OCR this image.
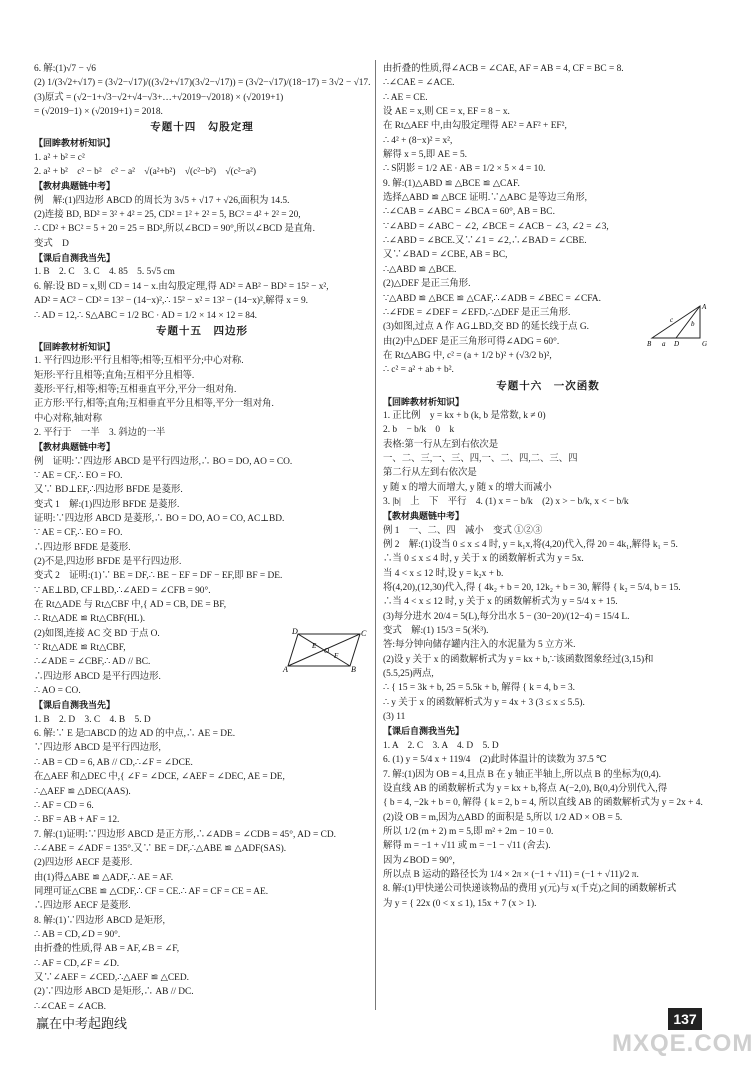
6. 解:(1)√7 − √6
(2) 1/(3√2+√17) = (3√2−√17)/((3√2+√17)(3√2−√17)) = (3√2−√17)/(18−17) = 3√2 − √17.
(3)原式 = (√2−1+√3−√2+√4−√3+…+√2019−√2018) × (√2019+1)
= (√2019−1) × (√2019+1) = 2018.
专题十四　勾股定理
【回眸教材析知识】
1. a² + b² = c²
2. a² + b²　c² − b²　c² − a²　√(a²+b²)　√(c²−b²)　√(c²−a²)
【教材典题链中考】
例　解:(1)四边形 ABCD 的周长为 3√5 + √17 + √26,面积为 14.5.
(2)连接 BD, BD² = 3² + 4² = 25, CD² = 1² + 2² = 5, BC² = 4² + 2² = 20,
∴ CD² + BC² = 5 + 20 = 25 = BD²,所以∠BCD = 90°,所以∠BCD 是直角.
变式　D
【课后自测我当先】
1. B　2. C　3. C　4. 85　5. 5√5 cm
6. 解:设 BD = x,则 CD = 14 − x.由勾股定理,得 AD² = AB² − BD² = 15² − x²,
AD² = AC² − CD² = 13² − (14−x)²,∴ 15² − x² = 13² − (14−x)²,解得 x = 9.
∴ AD = 12,∴ S△ABC = 1/2 BC · AD = 1/2 × 14 × 12 = 84.
专题十五　四边形
【回眸教材析知识】
1. 平行四边形:平行且相等;相等;互相平分;中心对称.
矩形:平行且相等;直角;互相平分且相等.
菱形:平行,相等;相等;互相垂直平分,平分一组对角.
正方形:平行,相等;直角;互相垂直平分且相等,平分一组对角.
中心对称,轴对称
2. 平行于　一半　3. 斜边的一半
【教材典题链中考】
例　证明:∵四边形 ABCD 是平行四边形,∴ BO = DO, AO = CO.
∵ AE = CF,∴ EO = FO.
又∵ BD⊥EF,∴四边形 BFDE 是菱形.
变式 1　解:(1)四边形 BFDE 是菱形.
证明:∵四边形 ABCD 是菱形,∴ BO = DO, AO = CO, AC⊥BD.
∵ AE = CF,∴ EO = FO.
∴四边形 BFDE 是菱形.
(2)不是,四边形 BFDE 是平行四边形.
变式 2　证明:(1)∵ BE = DF,∴ BE − EF = DF − EF,即 BF = DE.
∵ AE⊥BD, CF⊥BD,∴∠AED = ∠CFB = 90°.
在 Rt△ADE 与 Rt△CBF 中,{ AD = CB, DE = BF,
∴ Rt△ADE ≌ Rt△CBF(HL).
(2)如图,连接 AC 交 BD 于点 O.
∵ Rt△ADE ≌ Rt△CBF,
∴∠ADE = ∠CBF,∴ AD // BC.
∴四边形 ABCD 是平行四边形.
∴ AO = CO.
【课后自测我当先】
1. B　2. D　3. C　4. B　5. D
6. 解:∵ E 是□ABCD 的边 AD 的中点,∴ AE = DE.
∵四边形 ABCD 是平行四边形,
∴ AB = CD = 6, AB // CD,∴∠F = ∠DCE.
在△AEF 和△DEC 中,{ ∠F = ∠DCE, ∠AEF = ∠DEC, AE = DE,
∴△AEF ≌ △DEC(AAS).
∴ AF = CD = 6.
∴ BF = AB + AF = 12.
7. 解:(1)证明:∵四边形 ABCD 是正方形,∴∠ADB = ∠CDB = 45°, AD = CD.
∴∠ABE = ∠ADF = 135°.又∵ BE = DF,∴△ABE ≌ △ADF(SAS).
(2)四边形 AECF 是菱形.
由(1)得△ABE ≌ △ADF,∴ AE = AF.
同理可证△CBE ≌ △CDF,∴ CF = CE.∴ AF = CF = CE = AE.
∴四边形 AECF 是菱形.
8. 解:(1)∵四边形 ABCD 是矩形,
∴ AB = CD,∠D = 90°.
由折叠的性质,得 AB = AF,∠B = ∠F,
∴ AF = CD,∠F = ∠D.
又∵∠AEF = ∠CED,∴△AEF ≌ △CED.
(2)∵四边形 ABCD 是矩形,∴ AB // DC.
∴∠CAE = ∠ACB.
由折叠的性质,得∠ACB = ∠CAE, AF = AB = 4, CF = BC = 8.
∴∠CAE = ∠ACE.
∴ AE = CE.
设 AE = x,则 CE = x, EF = 8 − x.
在 Rt△AEF 中,由勾股定理得 AE² = AF² + EF²,
∴ 4² + (8−x)² = x²,
解得 x = 5,即 AE = 5.
∴ S阴影 = 1/2 AE · AB = 1/2 × 5 × 4 = 10.
9. 解:(1)△ABD ≌ △BCE ≌ △CAF.
选择△ABD ≌ △BCE 证明.∵△ABC 是等边三角形,
∴∠CAB = ∠ABC = ∠BCA = 60°, AB = BC.
∵∠ABD = ∠ABC − ∠2, ∠BCE = ∠ACB − ∠3, ∠2 = ∠3,
∴∠ABD = ∠BCE.又∵∠1 = ∠2,∴∠BAD = ∠CBE.
又∵∠BAD = ∠CBE, AB = BC,
∴△ABD ≌ △BCE.
(2)△DEF 是正三角形.
∵△ABD ≌ △BCE ≌ △CAF,∴∠ADB = ∠BEC = ∠CFA.
∴∠FDE = ∠DEF = ∠EFD,∴△DEF 是正三角形.
(3)如图,过点 A 作 AG⊥BD,交 BD 的延长线于点 G.
由(2)中△DEF 是正三角形可得∠ADG = 60°.
在 Rt△ABG 中, c² = (a + 1/2 b)² + (√3/2 b)²,
∴ c² = a² + ab + b².
专题十六　一次函数
【回眸教材析知识】
1. 正比例　y = kx + b (k, b 是常数, k ≠ 0)
2. b　− b/k　0　k
表格:第一行从左到右依次是
一、二、三,一、三、四,一、二、四,二、三、四
第二行从左到右依次是
y 随 x 的增大而增大, y 随 x 的增大而减小
3. |b|　上　下　平行　4. (1) x = − b/k　(2) x > − b/k, x < − b/k
【教材典题链中考】
例 1　一、二、四　减小　变式 ①②③
例 2　解:(1)设当 0 ≤ x ≤ 4 时, y = k₁x,将(4,20)代入,得 20 = 4k₁,解得 k₁ = 5.
∴当 0 ≤ x ≤ 4 时, y 关于 x 的函数解析式为 y = 5x.
当 4 < x ≤ 12 时,设 y = k₂x + b.
将(4,20),(12,30)代入,得 { 4k₂ + b = 20, 12k₂ + b = 30, 解得 { k₂ = 5/4, b = 15.
∴当 4 < x ≤ 12 时, y 关于 x 的函数解析式为 y = 5/4 x + 15.
(3)每分进水 20/4 = 5(L),每分出水 5 − (30−20)/(12−4) = 15/4 L.
变式　解:(1) 15/3 = 5(米³).
答:每分钟向储存罐内注入的水泥量为 5 立方米.
(2)设 y 关于 x 的函数解析式为 y = kx + b,∵该函数图象经过(3,15)和
(5.5,25)两点,
∴ { 15 = 3k + b, 25 = 5.5k + b, 解得 { k = 4, b = 3.
∴ y 关于 x 的函数解析式为 y = 4x + 3 (3 ≤ x ≤ 5.5).
(3) 11
【课后自测我当先】
1. A　2. C　3. A　4. D　5. D
6. (1) y = 5/4 x + 119/4　(2)此时体温计的读数为 37.5 ℃
7. 解:(1)因为 OB = 4,且点 B 在 y 轴正半轴上,所以点 B 的坐标为(0,4).
设直线 AB 的函数解析式为 y = kx + b,将点 A(−2,0), B(0,4)分别代入,得
{ b = 4, −2k + b = 0, 解得 { k = 2, b = 4, 所以直线 AB 的函数解析式为 y = 2x + 4.
(2)设 OB = m,因为△ABD 的面积是 5,所以 1/2 AD × OB = 5.
所以 1/2 (m + 2) m = 5,即 m² + 2m − 10 = 0.
解得 m = −1 + √11 或 m = −1 − √11 (舍去).
因为∠BOD = 90°,
所以点 B 运动的路径长为 1/4 × 2π × (−1 + √11) = (−1 + √11)/2 π.
8. 解:(1)甲快递公司快递该物品的费用 y(元)与 x(千克)之间的函数解析式
为 y = { 22x (0 < x ≤ 1), 15x + 7 (x > 1).
D	C
A	B
E
O
F
A
B a D
b
c
G
赢在中考起跑线	137
MXQE.COM
